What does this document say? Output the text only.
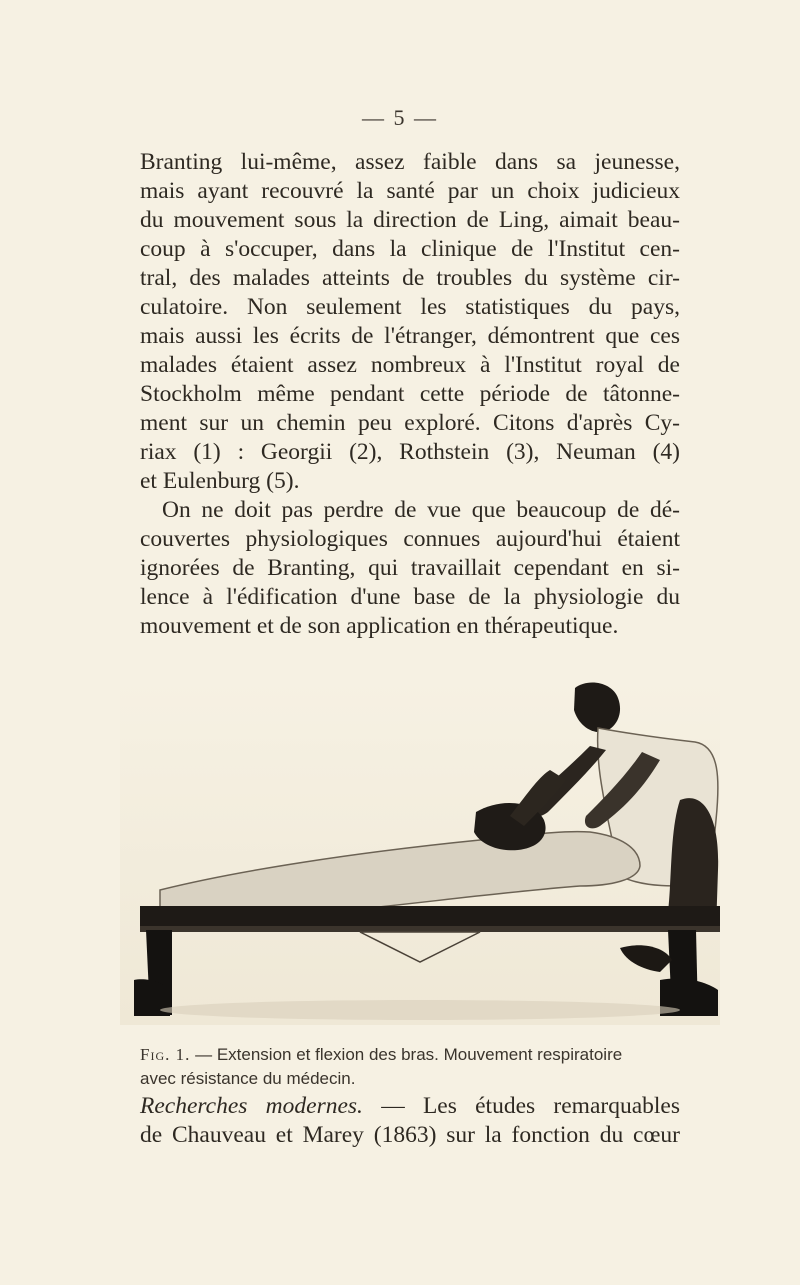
— 5 —
Branting lui-même, assez faible dans sa jeunesse,
mais ayant recouvré la santé par un choix judicieux
du mouvement sous la direction de Ling, aimait beau-
coup à s'occuper, dans la clinique de l'Institut cen-
tral, des malades atteints de troubles du système cir-
culatoire. Non seulement les statistiques du pays,
mais aussi les écrits de l'étranger, démontrent que ces
malades étaient assez nombreux à l'Institut royal de
Stockholm même pendant cette période de tâtonne-
ment sur un chemin peu exploré. Citons d'après Cy-
riax (1) : Georgii (2), Rothstein (3), Neuman (4)
et Eulenburg (5).
On ne doit pas perdre de vue que beaucoup de dé-
couvertes physiologiques connues aujourd'hui étaient
ignorées de Branting, qui travaillait cependant en si-
lence à l'édification d'une base de la physiologie du
mouvement et de son application en thérapeutique.
Fig. 1. — Extension et flexion des bras. Mouvement respiratoire
avec résistance du médecin.
Recherches modernes. — Les études remarquables
de Chauveau et Marey (1863) sur la fonction du cœur
